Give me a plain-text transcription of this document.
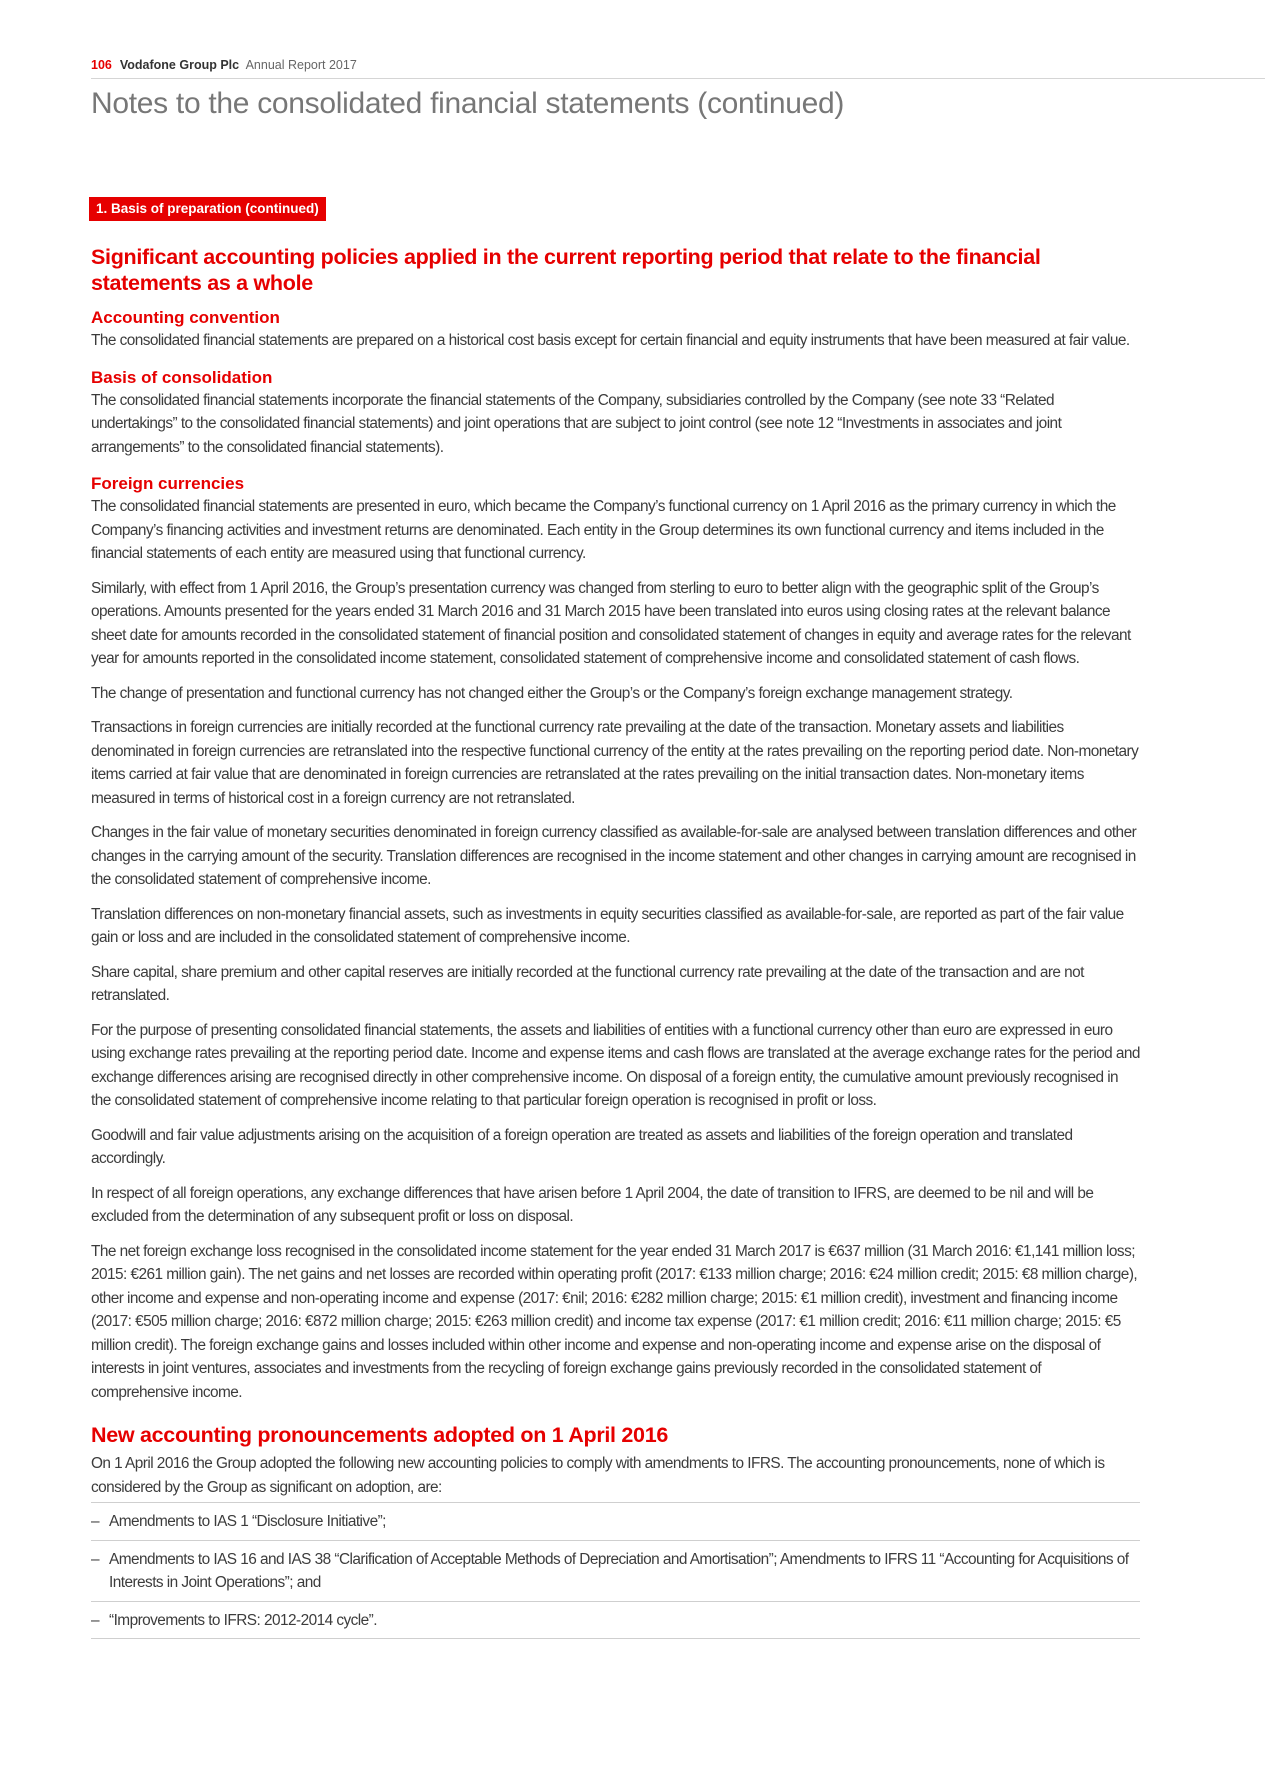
106 Vodafone Group Plc Annual Report 2017
Notes to the consolidated financial statements (continued)
1. Basis of preparation (continued)
Significant accounting policies applied in the current reporting period that relate to the financial statements as a whole
Accounting convention

The consolidated financial statements are prepared on a historical cost basis except for certain financial and equity instruments that have been measured at fair value.

Basis of consolidation

The consolidated financial statements incorporate the financial statements of the Company, subsidiaries controlled by the Company (see note 33 “Related undertakings” to the consolidated financial statements) and joint operations that are subject to joint control (see note 12 “Investments in associates and joint arrangements” to the consolidated financial statements).

Foreign currencies

The consolidated financial statements are presented in euro, which became the Company’s functional currency on 1 April 2016 as the primary currency in which the Company’s financing activities and investment returns are denominated. Each entity in the Group determines its own functional currency and items included in the financial statements of each entity are measured using that functional currency.

Similarly, with effect from 1 April 2016, the Group’s presentation currency was changed from sterling to euro to better align with the geographic split of the Group’s operations. Amounts presented for the years ended 31 March 2016 and 31 March 2015 have been translated into euros using closing rates at the relevant balance sheet date for amounts recorded in the consolidated statement of financial position and consolidated statement of changes in equity and average rates for the relevant year for amounts reported in the consolidated income statement, consolidated statement of comprehensive income and consolidated statement of cash flows.

The change of presentation and functional currency has not changed either the Group’s or the Company’s foreign exchange management strategy.

Transactions in foreign currencies are initially recorded at the functional currency rate prevailing at the date of the transaction. Monetary assets and liabilities denominated in foreign currencies are retranslated into the respective functional currency of the entity at the rates prevailing on the reporting period date. Non-monetary items carried at fair value that are denominated in foreign currencies are retranslated at the rates prevailing on the initial transaction dates. Non-monetary items measured in terms of historical cost in a foreign currency are not retranslated.

Changes in the fair value of monetary securities denominated in foreign currency classified as available-for-sale are analysed between translation differences and other changes in the carrying amount of the security. Translation differences are recognised in the income statement and other changes in carrying amount are recognised in the consolidated statement of comprehensive income.

Translation differences on non-monetary financial assets, such as investments in equity securities classified as available-for-sale, are reported as part of the fair value gain or loss and are included in the consolidated statement of comprehensive income.

Share capital, share premium and other capital reserves are initially recorded at the functional currency rate prevailing at the date of the transaction and are not retranslated.

For the purpose of presenting consolidated financial statements, the assets and liabilities of entities with a functional currency other than euro are expressed in euro using exchange rates prevailing at the reporting period date. Income and expense items and cash flows are translated at the average exchange rates for the period and exchange differences arising are recognised directly in other comprehensive income. On disposal of a foreign entity, the cumulative amount previously recognised in the consolidated statement of comprehensive income relating to that particular foreign operation is recognised in profit or loss.

Goodwill and fair value adjustments arising on the acquisition of a foreign operation are treated as assets and liabilities of the foreign operation and translated accordingly.

In respect of all foreign operations, any exchange differences that have arisen before 1 April 2004, the date of transition to IFRS, are deemed to be nil and will be excluded from the determination of any subsequent profit or loss on disposal.

The net foreign exchange loss recognised in the consolidated income statement for the year ended 31 March 2017 is €637 million (31 March 2016: €1,141 million loss; 2015: €261 million gain). The net gains and net losses are recorded within operating profit (2017: €133 million charge; 2016: €24 million credit; 2015: €8 million charge), other income and expense and non-operating income and expense (2017: €nil; 2016: €282 million charge; 2015: €1 million credit), investment and financing income (2017: €505 million charge; 2016: €872 million charge; 2015: €263 million credit) and income tax expense (2017: €1 million credit; 2016: €11 million charge; 2015: €5 million credit). The foreign exchange gains and losses included within other income and expense and non-operating income and expense arise on the disposal of interests in joint ventures, associates and investments from the recycling of foreign exchange gains previously recorded in the consolidated statement of comprehensive income.

New accounting pronouncements adopted on 1 April 2016

On 1 April 2016 the Group adopted the following new accounting policies to comply with amendments to IFRS. The accounting pronouncements, none of which is considered by the Group as significant on adoption, are:

– Amendments to IAS 1 “Disclosure Initiative”;
– Amendments to IAS 16 and IAS 38 “Clarification of Acceptable Methods of Depreciation and Amortisation”; Amendments to IFRS 11 “Accounting for Acquisitions of Interests in Joint Operations”; and
– “Improvements to IFRS: 2012-2014 cycle”.
